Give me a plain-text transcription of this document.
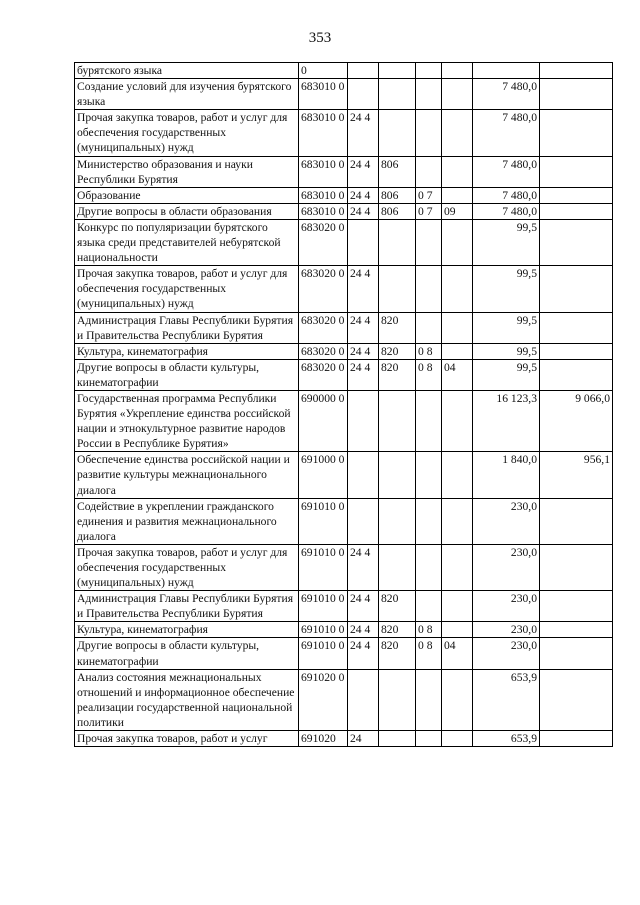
353
бурятского языка	0						
Создание условий для изучения бурятского языка	683010 0					7 480,0	
Прочая закупка товаров, работ и услуг для обеспечения государственных (муниципальных) нужд	683010 0	24 4				7 480,0	
Министерство образования и науки Республики Бурятия	683010 0	24 4	806			7 480,0	
Образование	683010 0	24 4	806	0 7		7 480,0	
Другие вопросы в области образования	683010 0	24 4	806	0 7	09	7 480,0	
Конкурс по популяризации бурятского языка среди представителей небурятской национальности	683020 0					99,5	
Прочая закупка товаров, работ и услуг для обеспечения государственных (муниципальных) нужд	683020 0	24 4				99,5	
Администрация Главы Республики Бурятия и Правительства Республики Бурятия	683020 0	24 4	820			99,5	
Культура, кинематография	683020 0	24 4	820	0 8		99,5	
Другие вопросы в области культуры, кинематографии	683020 0	24 4	820	0 8	04	99,5	
Государственная программа Республики Бурятия «Укрепление единства российской нации и этнокультурное развитие народов России в Республике Бурятия»	690000 0					16 123,3	9 066,0
Обеспечение единства российской нации и развитие культуры межнационального диалога	691000 0					1 840,0	956,1
Содействие в укреплении гражданского единения и развития межнационального диалога	691010 0					230,0	
Прочая закупка товаров, работ и услуг для обеспечения государственных (муниципальных) нужд	691010 0	24 4				230,0	
Администрация Главы Республики Бурятия и Правительства Республики Бурятия	691010 0	24 4	820			230,0	
Культура, кинематография	691010 0	24 4	820	0 8		230,0	
Другие вопросы в области культуры, кинематографии	691010 0	24 4	820	0 8	04	230,0	
Анализ состояния межнациональных отношений и информационное обеспечение реализации государственной национальной политики	691020 0					653,9	
Прочая закупка товаров, работ и услуг	691020	24				653,9	
